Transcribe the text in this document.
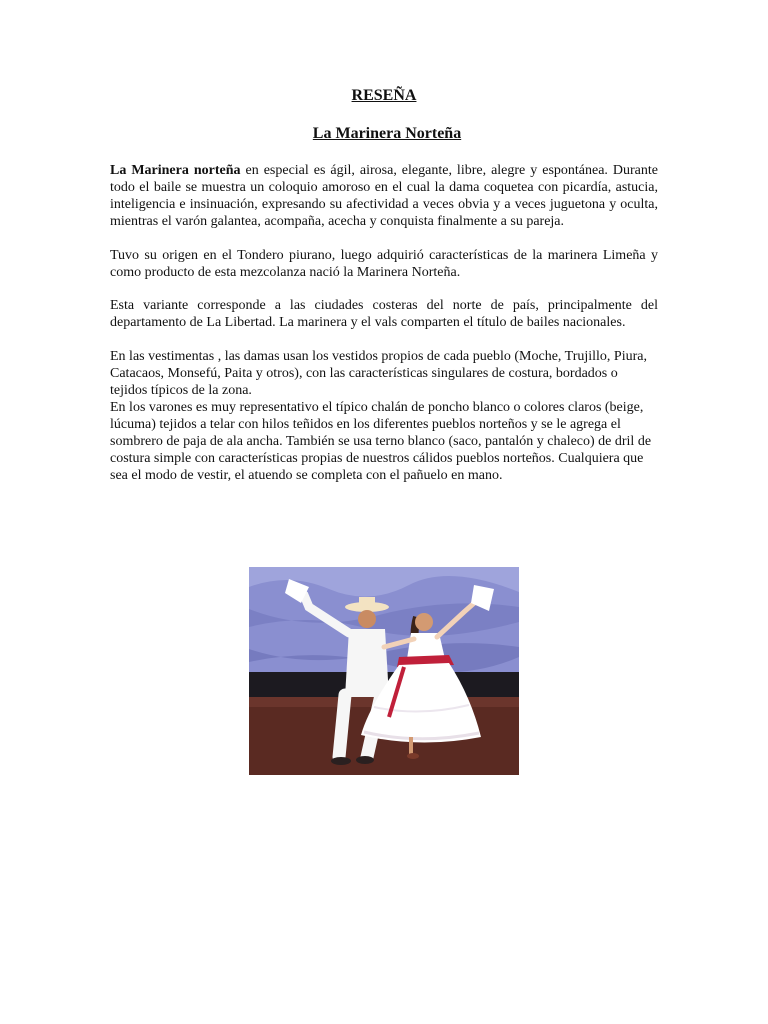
RESEÑA
La Marinera Norteña

La Marinera norteña en especial es ágil, airosa, elegante, libre, alegre y espontánea. Durante todo el baile se muestra un coloquio amoroso en el cual la dama coquetea con picardía, astucia, inteligencia e insinuación, expresando su afectividad a veces obvia y a veces juguetona y oculta, mientras el varón galantea, acompaña, acecha y conquista finalmente a su pareja.

Tuvo su origen en el Tondero piurano, luego adquirió características de la marinera Limeña y como producto de esta mezcolanza nació la Marinera Norteña.

Esta variante corresponde a las ciudades costeras del norte de país, principalmente del departamento de La Libertad. La marinera y el vals comparten el título de bailes nacionales.

En las vestimentas , las damas usan los vestidos propios de cada pueblo (Moche, Trujillo, Piura, Catacaos, Monsefú, Paita y otros), con las características singulares de costura, bordados o tejidos típicos de la zona.

En los varones es muy representativo el típico chalán de poncho blanco o colores claros (beige, lúcuma) tejidos a telar con hilos teñidos en los diferentes pueblos norteños y se le agrega el sombrero de paja de ala ancha. También se usa terno blanco (saco, pantalón y chaleco) de dril de costura simple con características propias de nuestros cálidos pueblos norteños. Cualquiera que sea el modo de vestir, el atuendo se completa con el pañuelo en mano.
